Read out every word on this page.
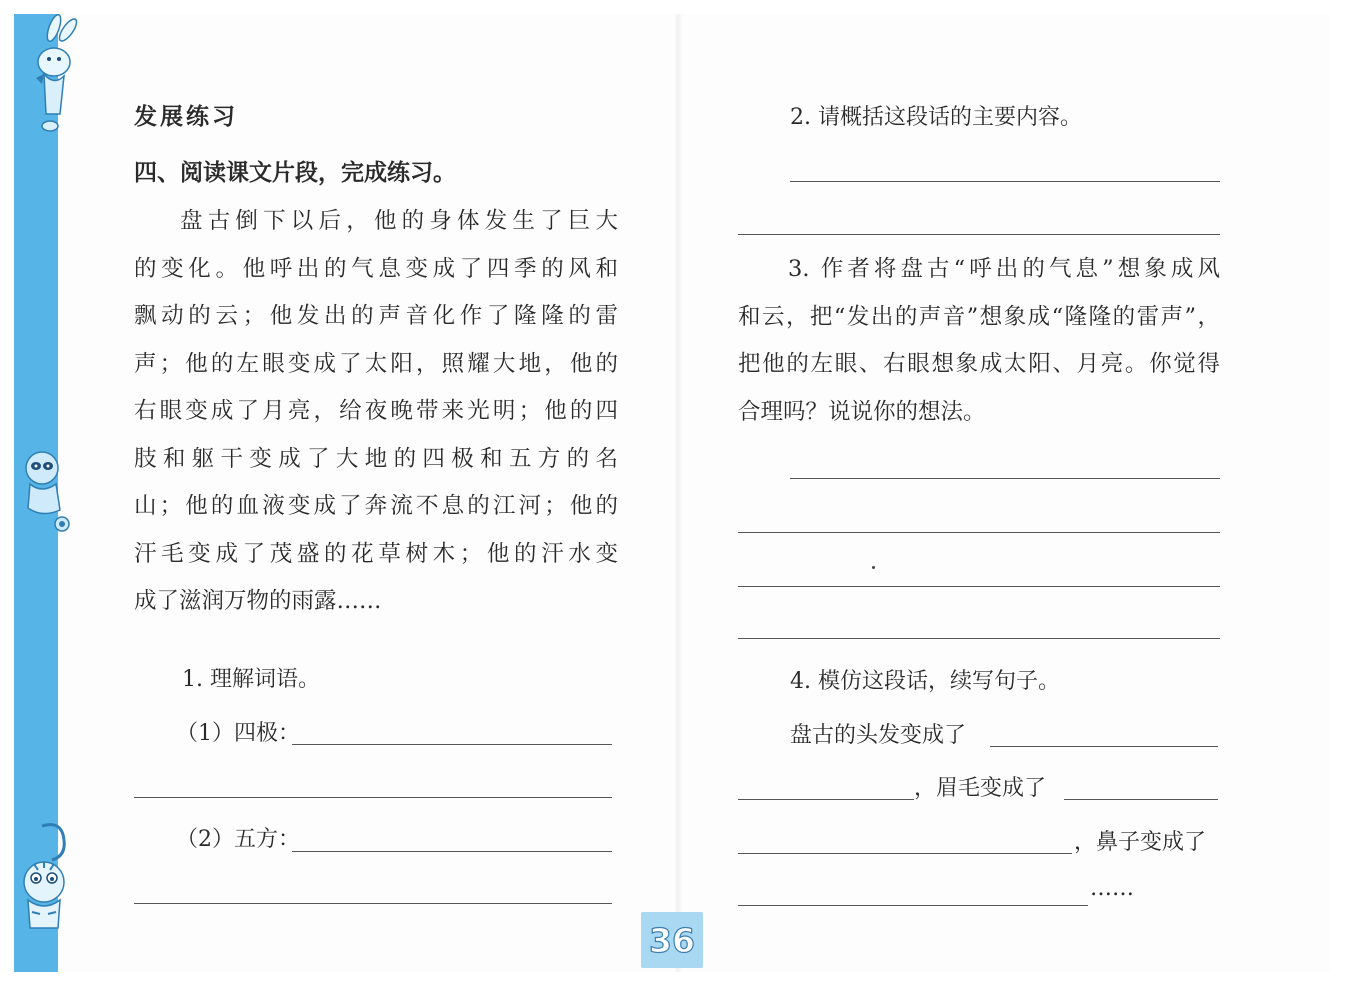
发展练习
四、阅读课文片段，完成练习。
盘古倒下以后，他的身体发生了巨大
的变化。他呼出的气息变成了四季的风和
飘动的云；他发出的声音化作了隆隆的雷
声；他的左眼变成了太阳，照耀大地，他的
右眼变成了月亮，给夜晚带来光明；他的四
肢和躯干变成了大地的四极和五方的名
山；他的血液变成了奔流不息的江河；他的
汗毛变成了茂盛的花草树木；他的汗水变
成了滋润万物的雨露……
1. 理解词语。
（1）四极：
（2）五方：
2. 请概括这段话的主要内容。
3. 作者将盘古“呼出的气息”想象成风
和云，把“发出的声音”想象成“隆隆的雷声”，
把他的左眼、右眼想象成太阳、月亮。你觉得
合理吗？说说你的想法。
4. 模仿这段话，续写句子。
盘古的头发变成了
，眉毛变成了
，鼻子变成了
……
36
